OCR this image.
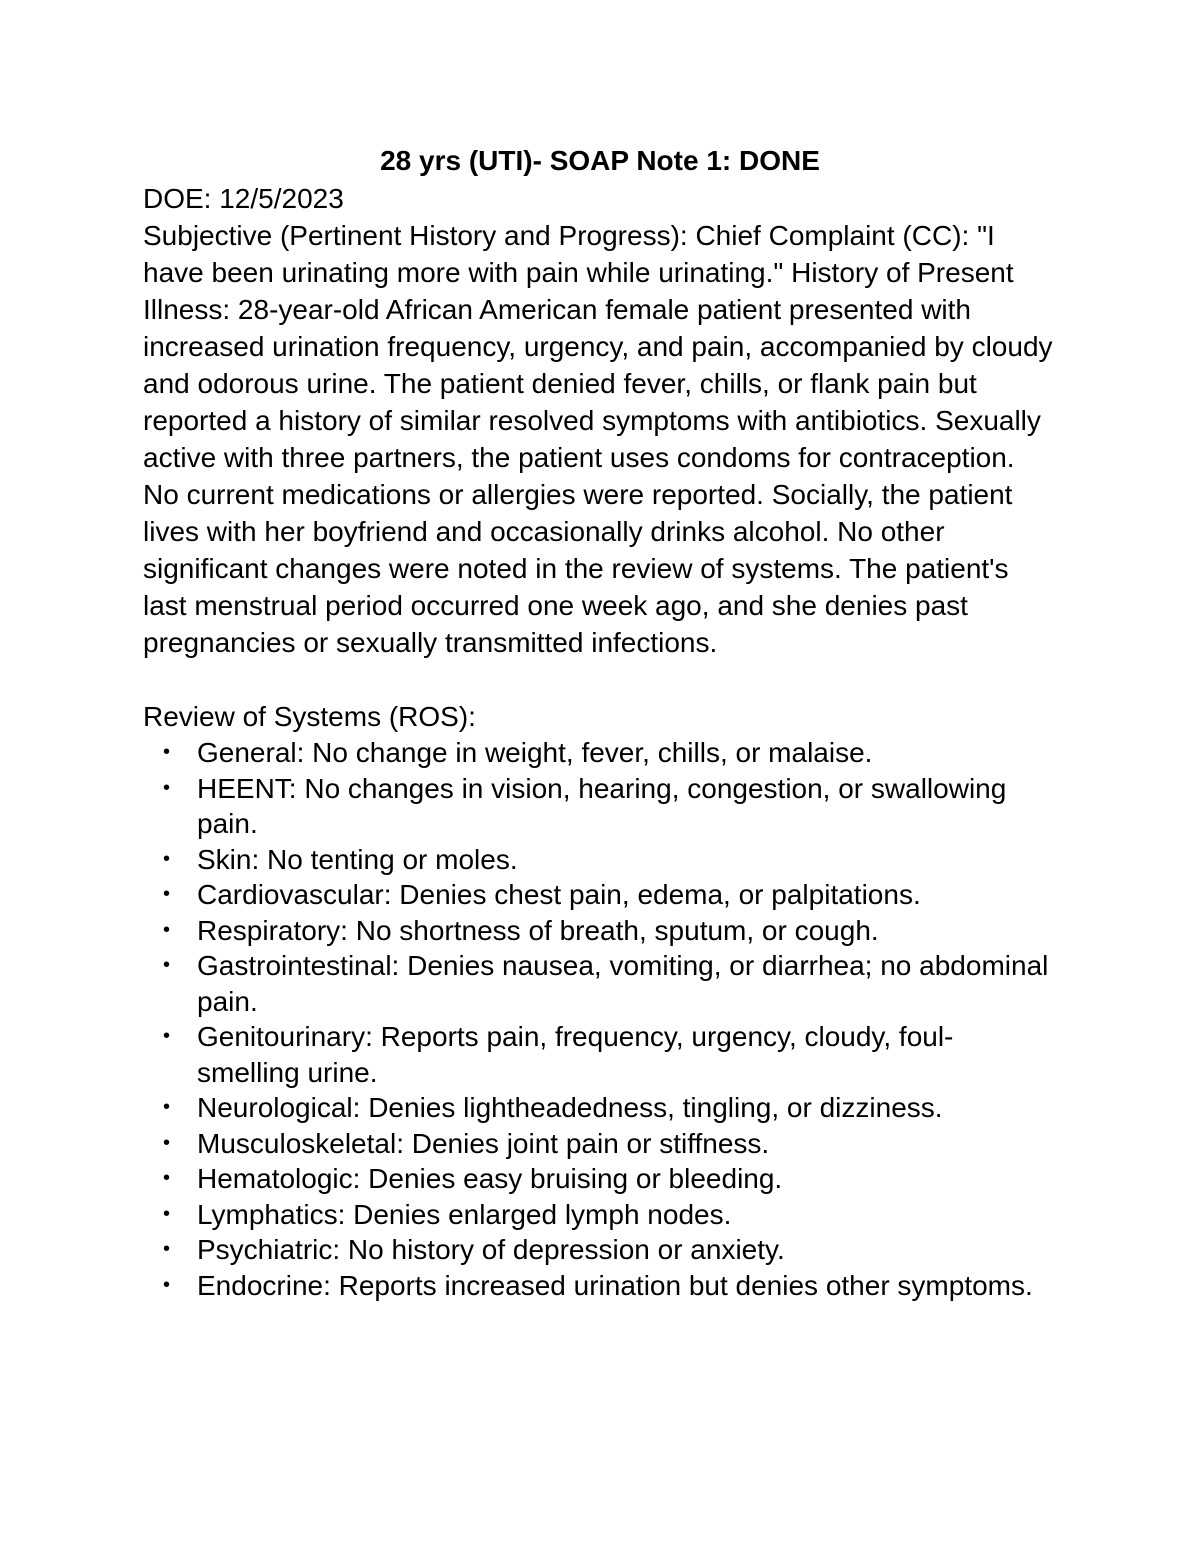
28 yrs (UTI)- SOAP Note 1: DONE

DOE: 12/5/2023

Subjective (Pertinent History and Progress): Chief Complaint (CC): "I have been urinating more with pain while urinating." History of Present Illness: 28-year-old African American female patient presented with increased urination frequency, urgency, and pain, accompanied by cloudy and odorous urine. The patient denied fever, chills, or flank pain but reported a history of similar resolved symptoms with antibiotics. Sexually active with three partners, the patient uses condoms for contraception. No current medications or allergies were reported. Socially, the patient lives with her boyfriend and occasionally drinks alcohol. No other significant changes were noted in the review of systems. The patient's last menstrual period occurred one week ago, and she denies past pregnancies or sexually transmitted infections.

Review of Systems (ROS):

• General: No change in weight, fever, chills, or malaise.
• HEENT: No changes in vision, hearing, congestion, or swallowing pain.
• Skin: No tenting or moles.
• Cardiovascular: Denies chest pain, edema, or palpitations.
• Respiratory: No shortness of breath, sputum, or cough.
• Gastrointestinal: Denies nausea, vomiting, or diarrhea; no abdominal pain.
• Genitourinary: Reports pain, frequency, urgency, cloudy, foul-smelling urine.
• Neurological: Denies lightheadedness, tingling, or dizziness.
• Musculoskeletal: Denies joint pain or stiffness.
• Hematologic: Denies easy bruising or bleeding.
• Lymphatics: Denies enlarged lymph nodes.
• Psychiatric: No history of depression or anxiety.
• Endocrine: Reports increased urination but denies other symptoms.
